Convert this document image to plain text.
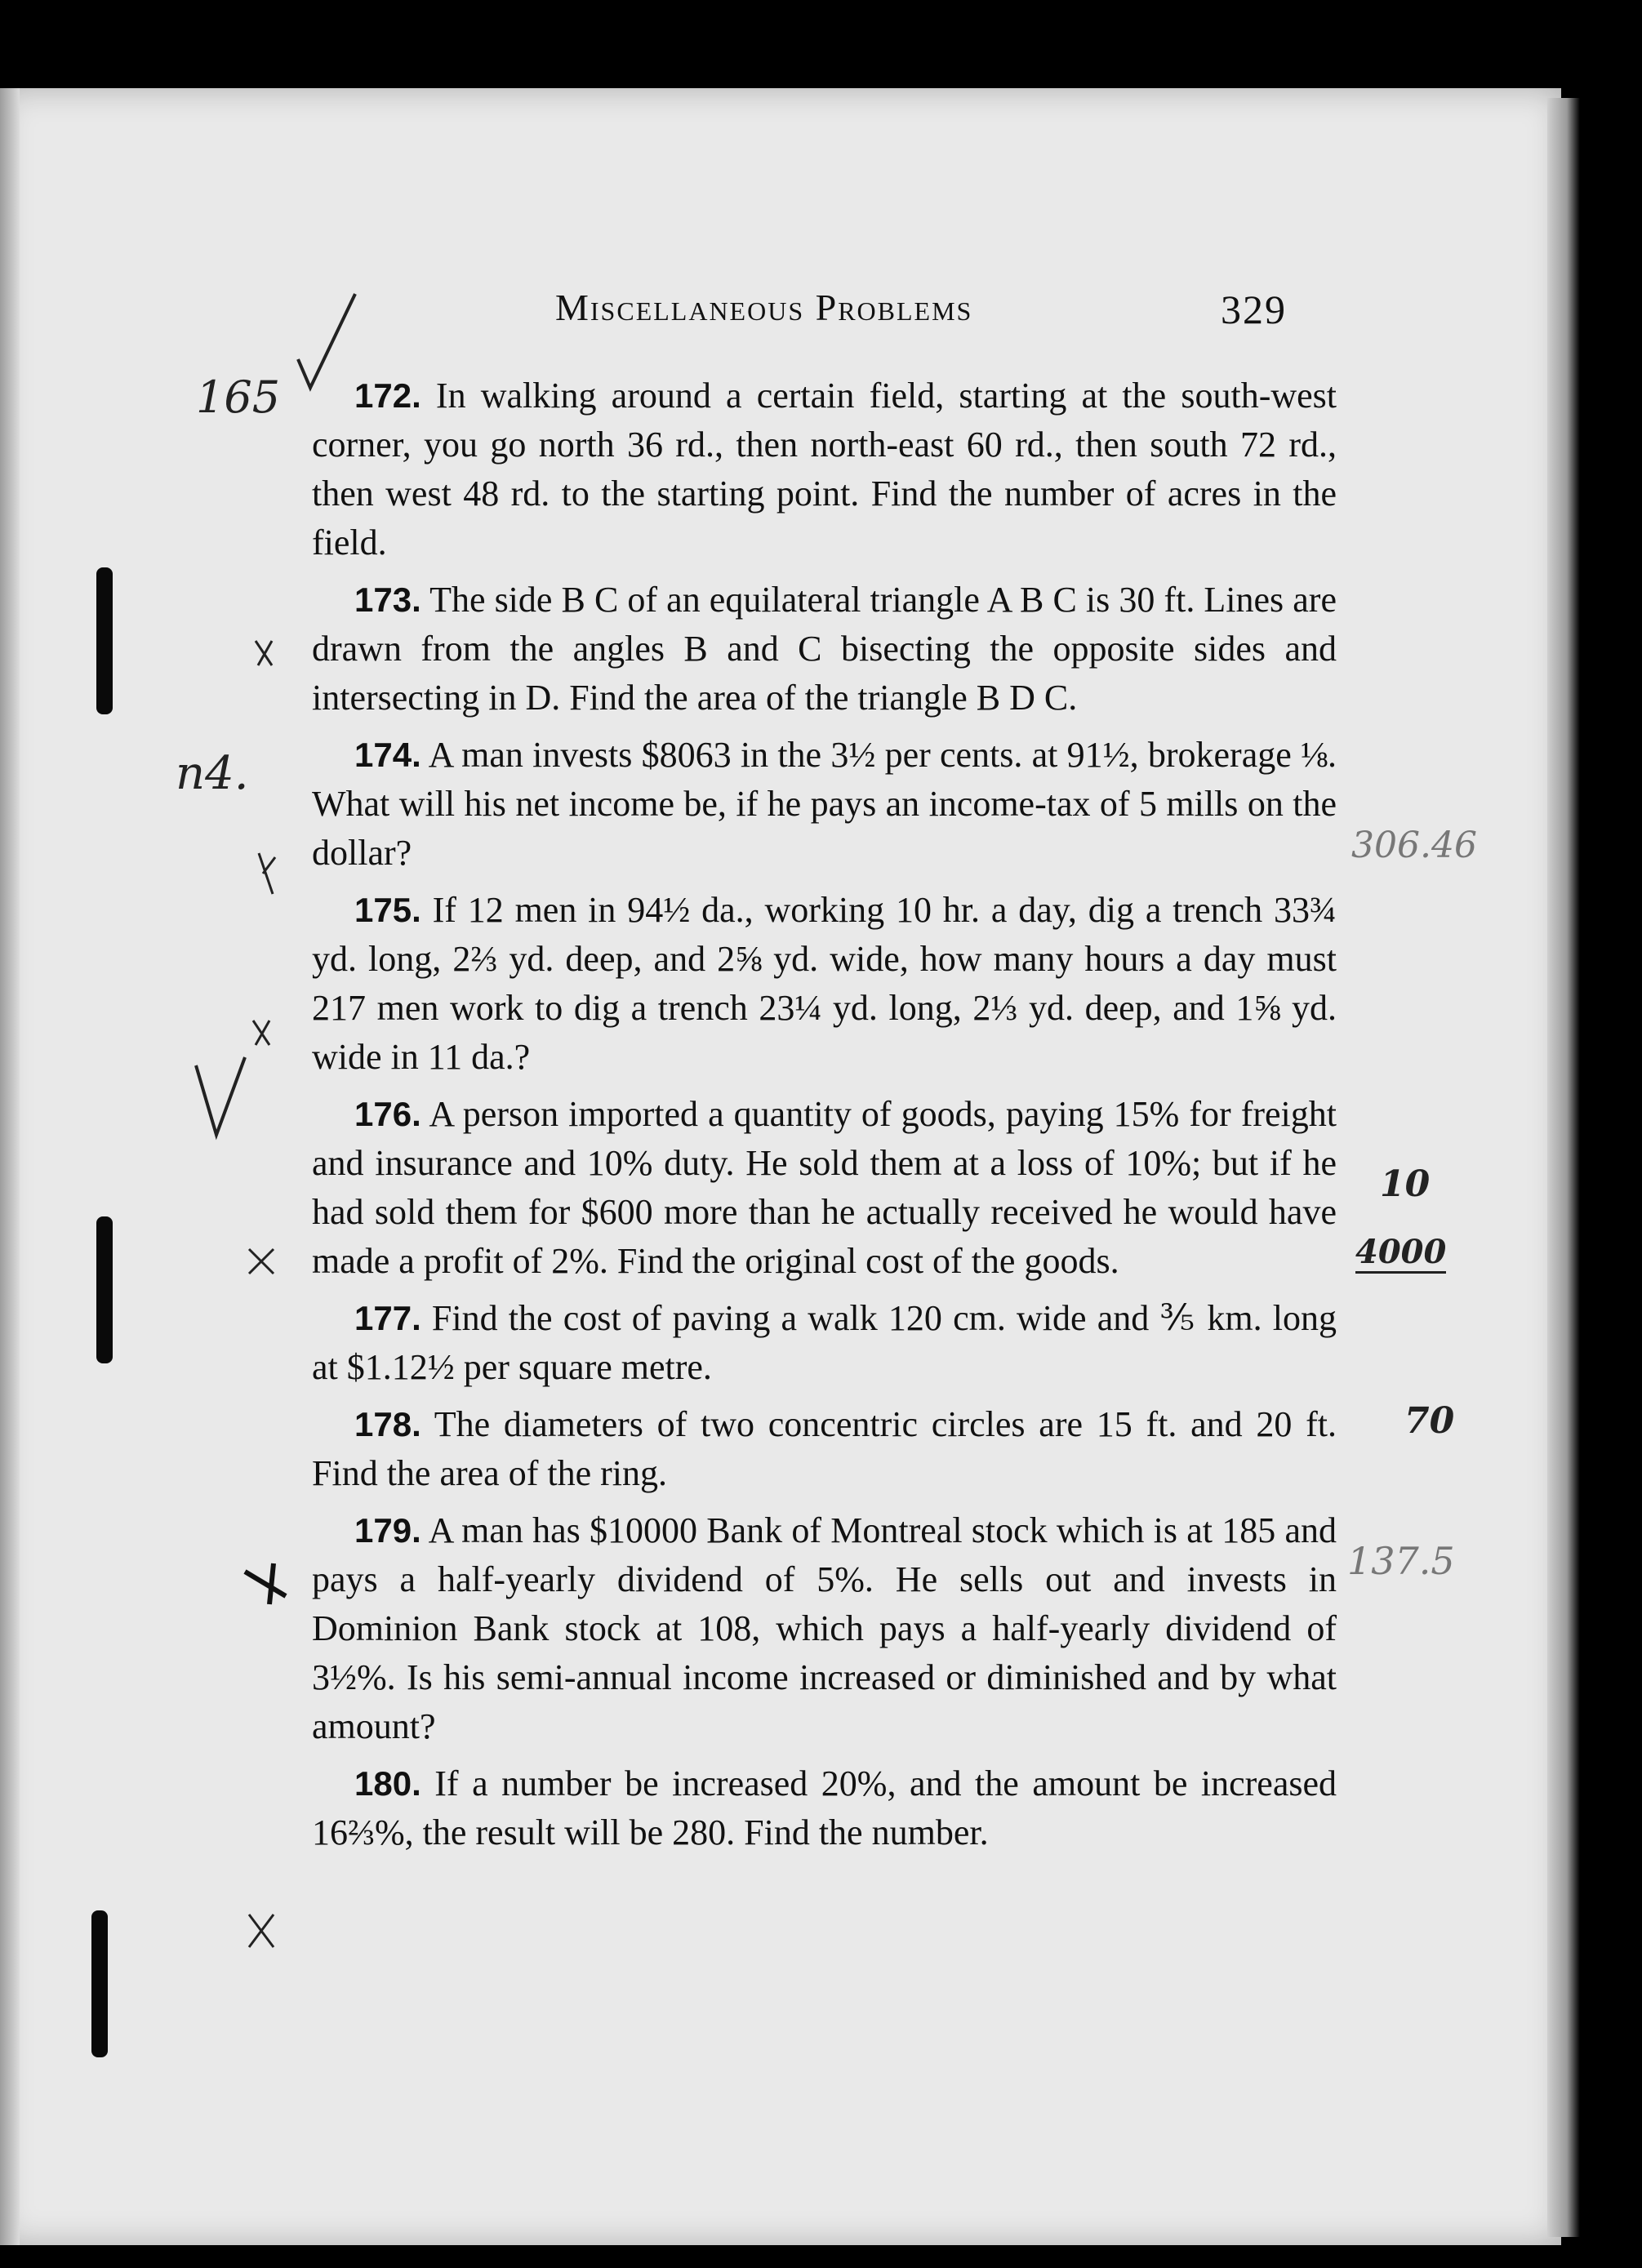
Miscellaneous Problems	329

172. In walking around a certain field, starting at the south-west corner, you go north 36 rd., then north-east 60 rd., then south 72 rd., then west 48 rd. to the starting point. Find the number of acres in the field.

173. The side B C of an equilateral triangle A B C is 30 ft. Lines are drawn from the angles B and C bisecting the opposite sides and intersecting in D. Find the area of the triangle B D C.

174. A man invests $8063 in the 3½ per cents. at 91½, brokerage ⅛. What will his net income be, if he pays an income-tax of 5 mills on the dollar?

175. If 12 men in 94½ da., working 10 hr. a day, dig a trench 33¾ yd. long, 2⅔ yd. deep, and 2⅝ yd. wide, how many hours a day must 217 men work to dig a trench 23¼ yd. long, 2⅓ yd. deep, and 1⅝ yd. wide in 11 da.?

176. A person imported a quantity of goods, paying 15% for freight and insurance and 10% duty. He sold them at a loss of 10%; but if he had sold them for $600 more than he actually received he would have made a profit of 2%. Find the original cost of the goods.

177. Find the cost of paving a walk 120 cm. wide and ⅗ km. long at $1.12½ per square metre.

178. The diameters of two concentric circles are 15 ft. and 20 ft. Find the area of the ring.

179. A man has $10000 Bank of Montreal stock which is at 185 and pays a half-yearly dividend of 5%. He sells out and invests in Dominion Bank stock at 108, which pays a half-yearly dividend of 3½%. Is his semi-annual income increased or diminished and by what amount?

180. If a number be increased 20%, and the amount be increased 16⅔%, the result will be 280. Find the number.

165
n4.
306.46
10
4000
70
137.5
